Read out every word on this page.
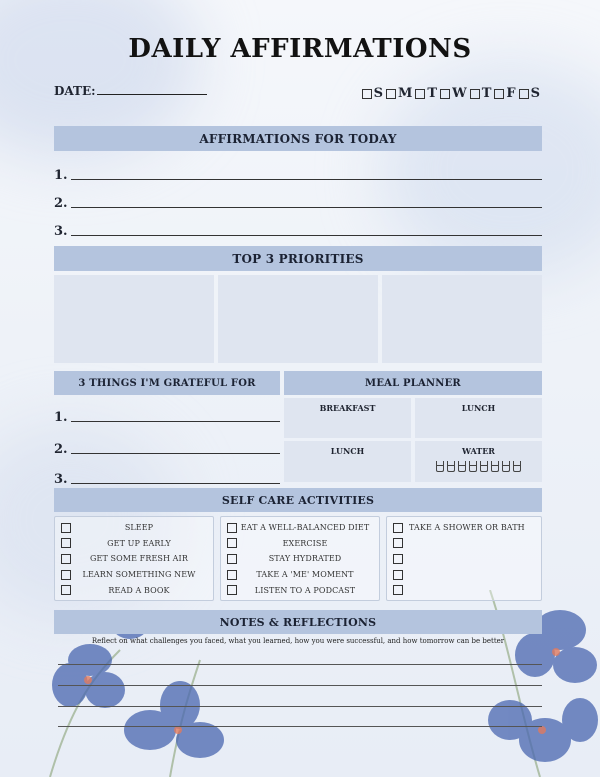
DAILY AFFIRMATIONS
DATE:	S M T W T F S
AFFIRMATIONS FOR TODAY
1.
2.
3.
TOP 3 PRIORITIES
3 THINGS I'M GRATEFUL FOR
1.
2.
3.
MEAL PLANNER
BREAKFAST	LUNCH
LUNCH	WATER
SELF CARE ACTIVITIES
SLEEP
GET UP EARLY
GET SOME FRESH AIR
LEARN SOMETHING NEW
READ A BOOK
EAT A WELL-BALANCED DIET
EXERCISE
STAY HYDRATED
TAKE A 'ME' MOMENT
LISTEN TO A PODCAST
TAKE A SHOWER OR BATH
NOTES & REFLECTIONS
Reflect on what challenges you faced, what you learned, how you were successful, and how tomorrow can be better
